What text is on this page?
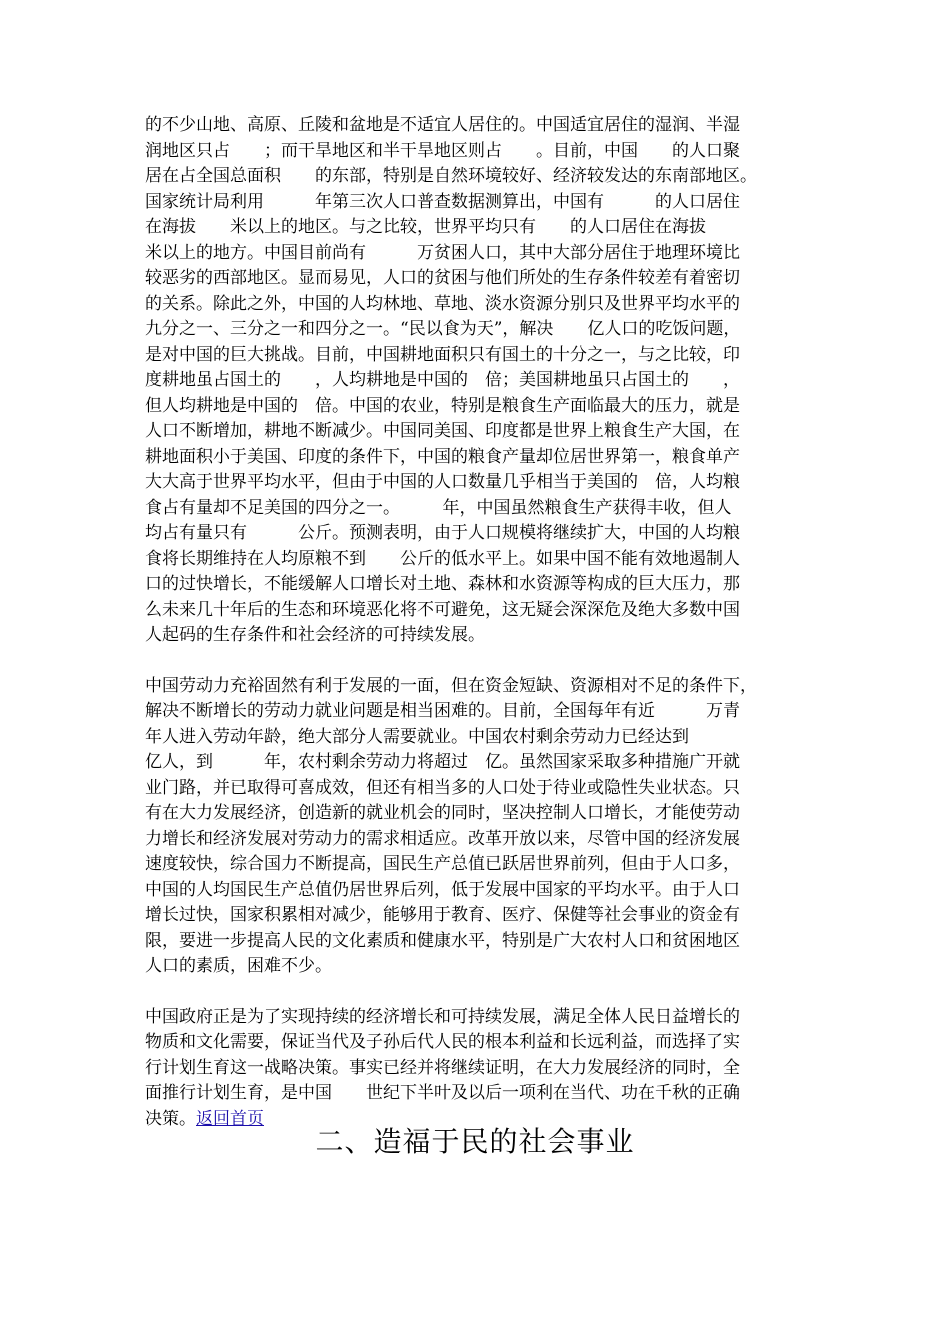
的不少山地、高原、丘陵和盆地是不适宜人居住的。中国适宜居住的湿润、半湿
润地区只占　　；而干旱地区和半干旱地区则占　　。目前，中国　　的人口聚
居在占全国总面积　　的东部，特别是自然环境较好、经济较发达的东南部地区。
国家统计局利用　　　年第三次人口普查数据测算出，中国有　　　的人口居住
在海拔　　米以上的地区。与之比较，世界平均只有　　的人口居住在海拔
米以上的地方。中国目前尚有　　　万贫困人口，其中大部分居住于地理环境比
较恶劣的西部地区。显而易见，人口的贫困与他们所处的生存条件较差有着密切
的关系。除此之外，中国的人均林地、草地、淡水资源分别只及世界平均水平的
九分之一、三分之一和四分之一。“民以食为天”，解决　　亿人口的吃饭问题，
是对中国的巨大挑战。目前，中国耕地面积只有国土的十分之一，与之比较，印
度耕地虽占国土的　　，人均耕地是中国的　倍；美国耕地虽只占国土的　　，
但人均耕地是中国的　倍。中国的农业，特别是粮食生产面临最大的压力，就是
人口不断增加，耕地不断减少。中国同美国、印度都是世界上粮食生产大国，在
耕地面积小于美国、印度的条件下，中国的粮食产量却位居世界第一，粮食单产
大大高于世界平均水平，但由于中国的人口数量几乎相当于美国的　倍，人均粮
食占有量却不足美国的四分之一。　　　年，中国虽然粮食生产获得丰收，但人
均占有量只有　　　公斤。预测表明，由于人口规模将继续扩大，中国的人均粮
食将长期维持在人均原粮不到　　公斤的低水平上。如果中国不能有效地遏制人
口的过快增长，不能缓解人口增长对土地、森林和水资源等构成的巨大压力，那
么未来几十年后的生态和环境恶化将不可避免，这无疑会深深危及绝大多数中国
人起码的生存条件和社会经济的可持续发展。
中国劳动力充裕固然有利于发展的一面，但在资金短缺、资源相对不足的条件下，
解决不断增长的劳动力就业问题是相当困难的。目前，全国每年有近　　　万青
年人进入劳动年龄，绝大部分人需要就业。中国农村剩余劳动力已经达到
亿人，到　　　年，农村剩余劳动力将超过　亿。虽然国家采取多种措施广开就
业门路，并已取得可喜成效，但还有相当多的人口处于待业或隐性失业状态。只
有在大力发展经济，创造新的就业机会的同时，坚决控制人口增长，才能使劳动
力增长和经济发展对劳动力的需求相适应。改革开放以来，尽管中国的经济发展
速度较快，综合国力不断提高，国民生产总值已跃居世界前列，但由于人口多，
中国的人均国民生产总值仍居世界后列，低于发展中国家的平均水平。由于人口
增长过快，国家积累相对减少，能够用于教育、医疗、保健等社会事业的资金有
限，要进一步提高人民的文化素质和健康水平，特别是广大农村人口和贫困地区
人口的素质，困难不少。
中国政府正是为了实现持续的经济增长和可持续发展，满足全体人民日益增长的
物质和文化需要，保证当代及子孙后代人民的根本利益和长远利益，而选择了实
行计划生育这一战略决策。事实已经并将继续证明，在大力发展经济的同时，全
面推行计划生育，是中国　　世纪下半叶及以后一项利在当代、功在千秋的正确
决策。返回首页
二、造福于民的社会事业
